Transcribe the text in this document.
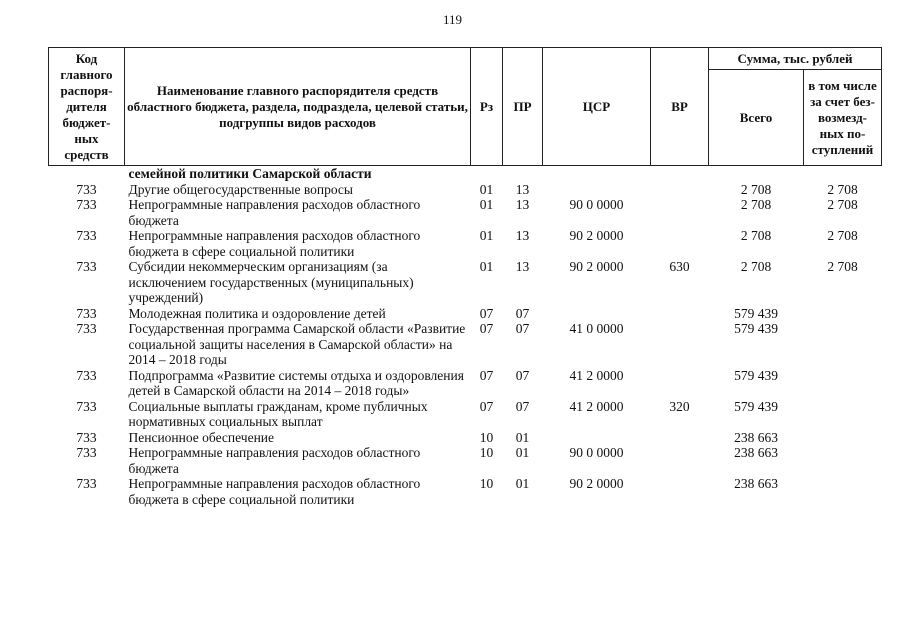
119
Код главного распоря-дителя бюджет-ных средств	Наименование главного распорядителя средств областного бюджета, раздела, подраздела, целевой статьи, подгруппы видов расходов	Рз	ПР	ЦСР	ВР	Сумма, тыс. рублей	
						Всего	в том числе за счет без-возмезд-ных по-ступлений
	семейной политики Самарской области						
733	Другие общегосударственные вопросы	01	13			2 708	2 708
733	Непрограммные направления расходов областного бюджета	01	13	90 0 0000		2 708	2 708
733	Непрограммные направления расходов областного бюджета в сфере социальной политики	01	13	90 2 0000		2 708	2 708
733	Субсидии некоммерческим организациям (за исключением государственных (муниципальных) учреждений)	01	13	90 2 0000	630	2 708	2 708
733	Молодежная политика и оздоровление детей	07	07			579 439	
733	Государственная программа Самарской области «Развитие социальной защиты населения в Самарской области» на 2014 – 2018 годы	07	07	41 0 0000		579 439	
733	Подпрограмма «Развитие системы отдыха и оздоровления детей в Самарской области на 2014 – 2018 годы»	07	07	41 2 0000		579 439	
733	Социальные выплаты гражданам, кроме публичных нормативных социальных выплат	07	07	41 2 0000	320	579 439	
733	Пенсионное обеспечение	10	01			238 663	
733	Непрограммные направления расходов областного бюджета	10	01	90 0 0000		238 663	
733	Непрограммные направления расходов областного бюджета в сфере социальной политики	10	01	90 2 0000		238 663	
